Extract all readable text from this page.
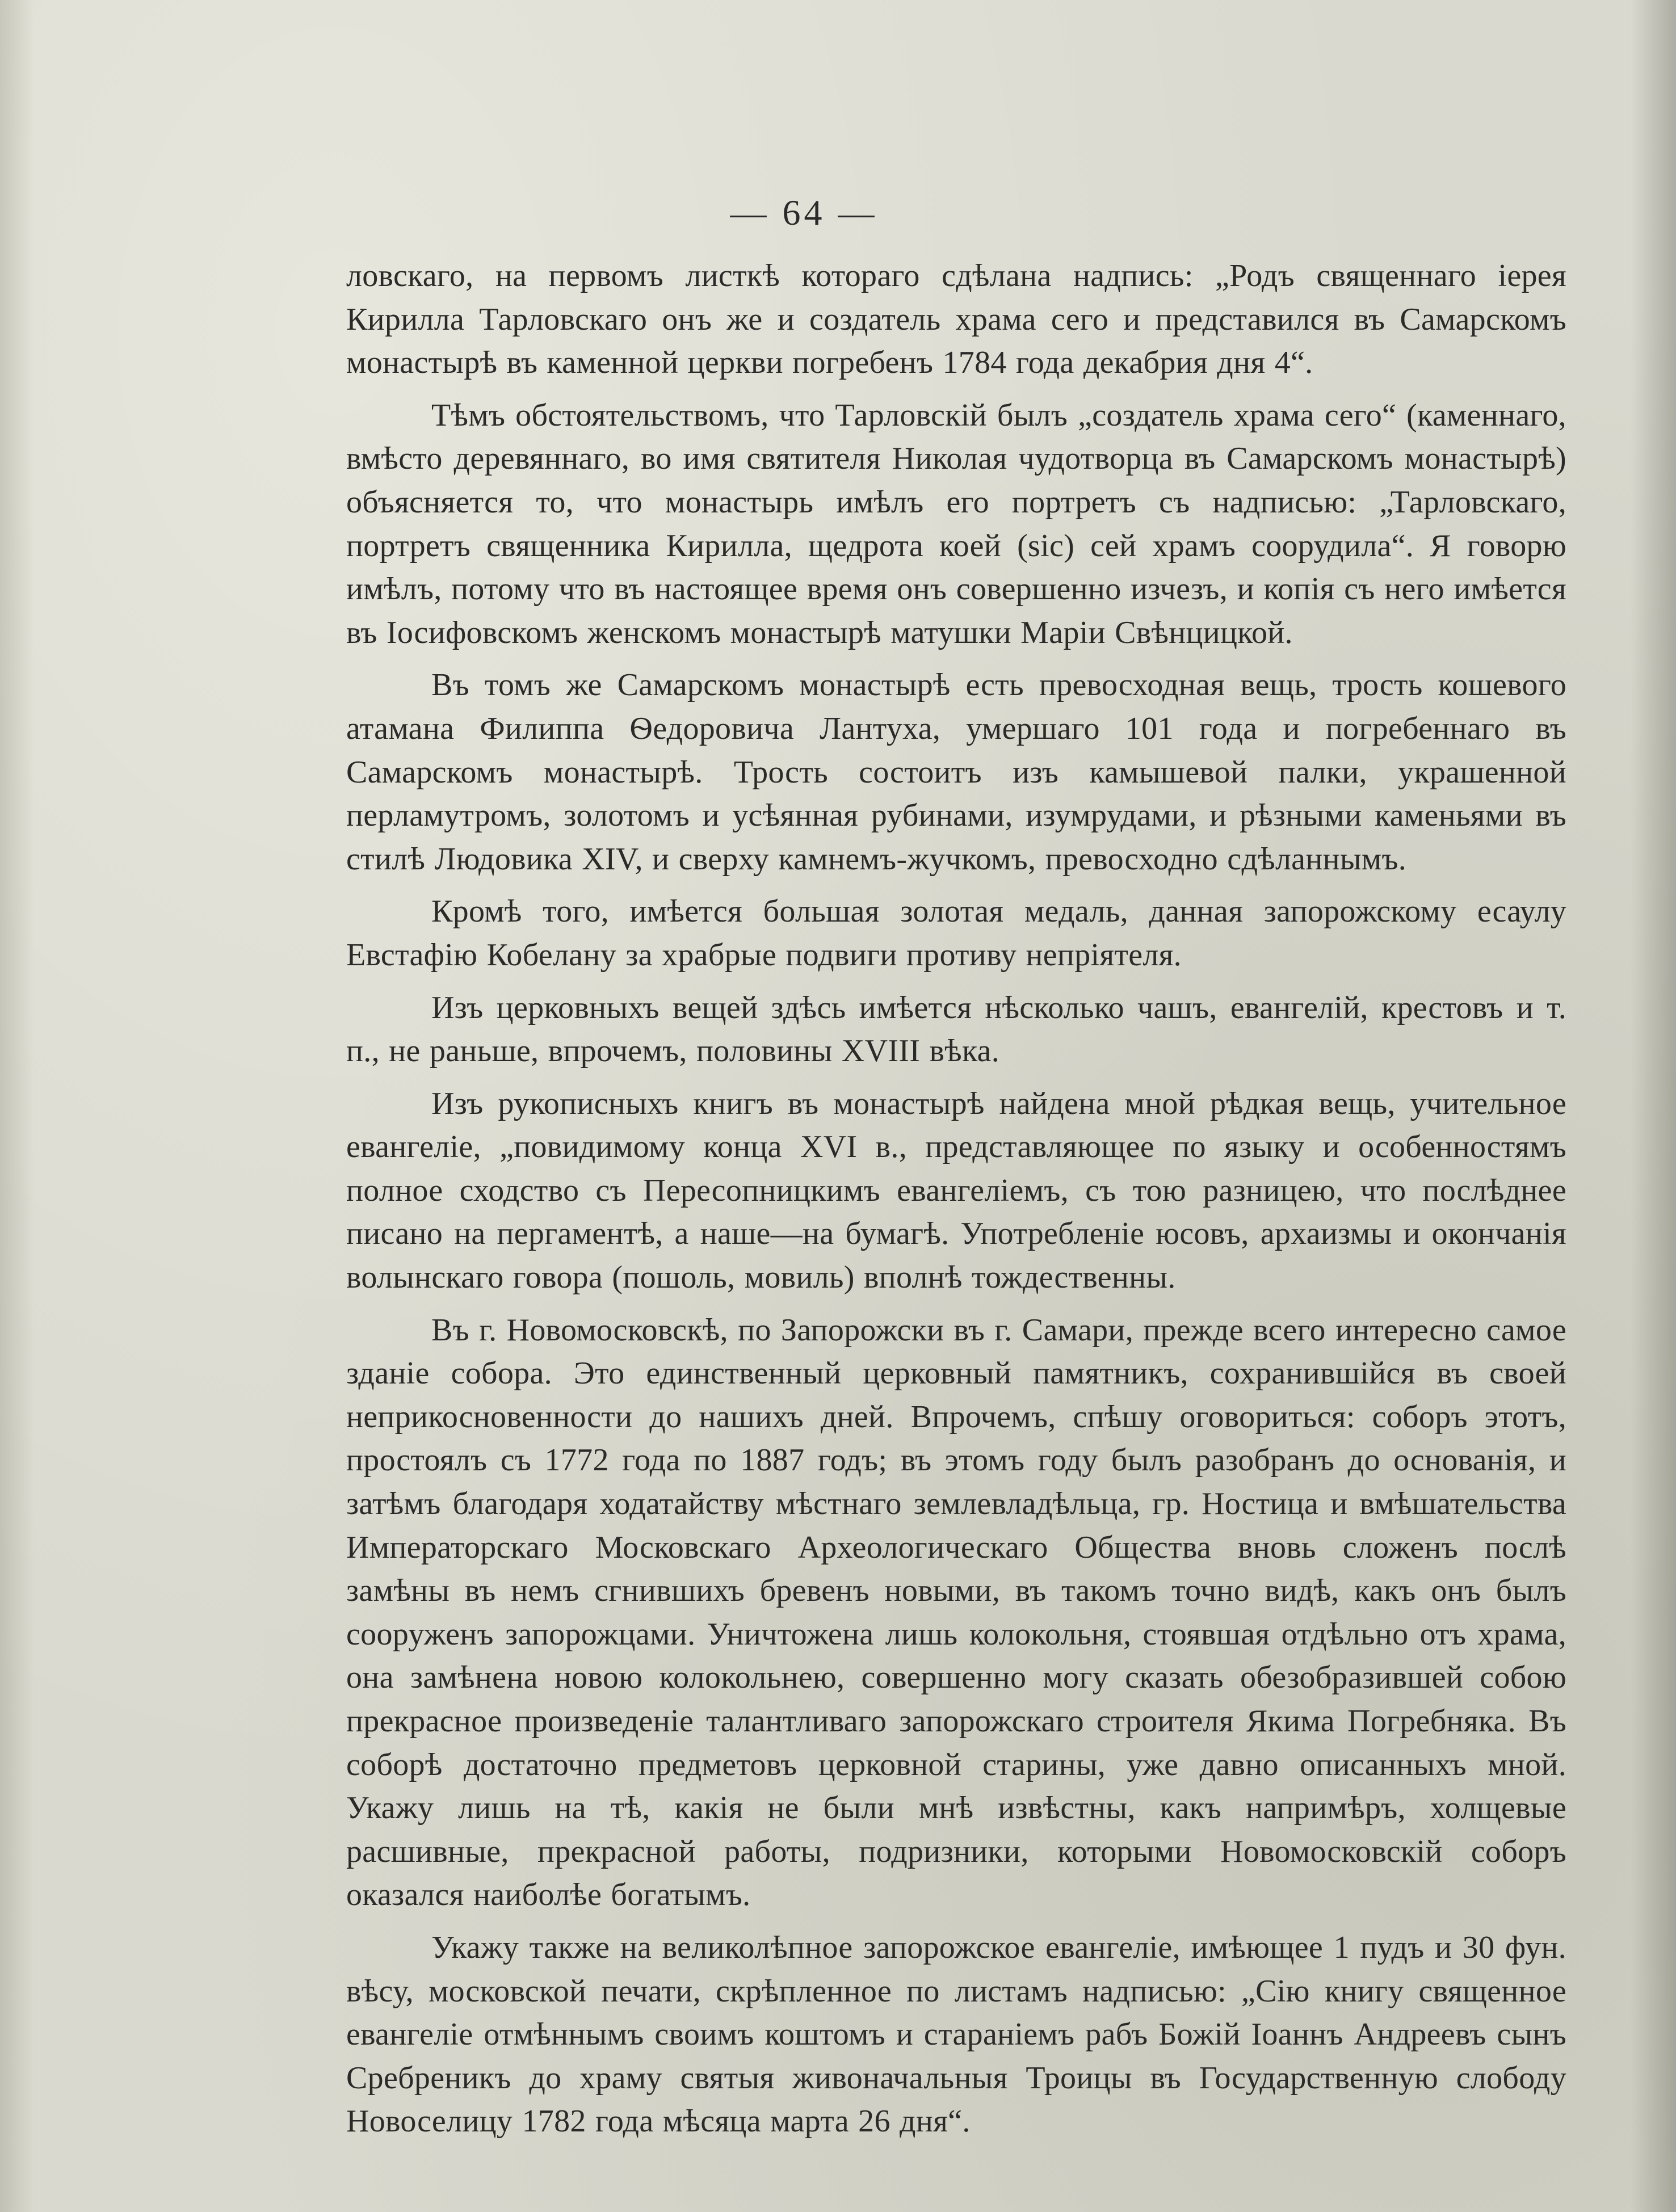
— 64 —

ловскаго, на первомъ листкѣ котораго сдѣлана надпись: „Родъ священнаго іерея Кирилла Тарловскаго онъ же и создатель храма сего и представился въ Самарскомъ монастырѣ въ каменной церкви погребенъ 1784 года декабрия дня 4“.

Тѣмъ обстоятельствомъ, что Тарловскій былъ „создатель храма сего“ (каменнаго, вмѣсто деревяннаго, во имя святителя Николая чудотворца въ Самарскомъ монастырѣ) объясняется то, что монастырь имѣлъ его портретъ съ надписью: „Тарловскаго, портретъ священника Кирилла, щедрота коей (sic) сей храмъ соорудила“. Я говорю имѣлъ, потому что въ настоящее время онъ совершенно изчезъ, и копія съ него имѣется въ Іосифовскомъ женскомъ монастырѣ матушки Маріи Свѣнцицкой.

Въ томъ же Самарскомъ монастырѣ есть превосходная вещь, трость кошевого атамана Филиппа Ѳедоровича Лантуха, умершаго 101 года и погребеннаго въ Самарскомъ монастырѣ. Трость состоитъ изъ камышевой палки, украшенной перламутромъ, золотомъ и усѣянная рубинами, изумрудами, и рѣзными каменьями въ стилѣ Людовика XIV, и сверху камнемъ-жучкомъ, превосходно сдѣланнымъ.

Кромѣ того, имѣется большая золотая медаль, данная запорожскому есаулу Евстафію Кобелану за храбрые подвиги противу непріятеля.

Изъ церковныхъ вещей здѣсь имѣется нѣсколько чашъ, евангелій, крестовъ и т. п., не раньше, впрочемъ, половины XVIII вѣка.

Изъ рукописныхъ книгъ въ монастырѣ найдена мной рѣдкая вещь, учительное евангеліе, „повидимому конца XVI в., представляющее по языку и особенностямъ полное сходство съ Пересопницкимъ евангеліемъ, съ тою разницею, что послѣднее писано на пергаментѣ, а наше—на бумагѣ. Употребленіе юсовъ, архаизмы и окончанія волынскаго говора (пошоль, мовиль) вполнѣ тождественны.

Въ г. Новомосковскѣ, по Запорожски въ г. Самари, прежде всего интересно самое зданіе собора. Это единственный церковный памятникъ, сохранившійся въ своей неприкосновенности до нашихъ дней. Впрочемъ, спѣшу оговориться: соборъ этотъ, простоялъ съ 1772 года по 1887 годъ; въ этомъ году былъ разобранъ до основанія, и затѣмъ благодаря ходатайству мѣстнаго землевладѣльца, гр. Ностица и вмѣшательства Императорскаго Московскаго Археологическаго Общества вновь сложенъ послѣ замѣны въ немъ сгнившихъ бревенъ новыми, въ такомъ точно видѣ, какъ онъ былъ сооруженъ запорожцами. Уничтожена лишь колокольня, стоявшая отдѣльно отъ храма, она замѣнена новою колокольнею, совершенно могу сказать обезобразившей собою прекрасное произведеніе талантливаго запорожскаго строителя Якима Погребняка. Въ соборѣ достаточно предметовъ церковной старины, уже давно описанныхъ мной. Укажу лишь на тѣ, какія не были мнѣ извѣстны, какъ напримѣръ, холщевые расшивные, прекрасной работы, подризники, которыми Новомосковскій соборъ оказался наиболѣе богатымъ.

Укажу также на великолѣпное запорожское евангеліе, имѣющее 1 пудъ и 30 фун. вѣсу, московской печати, скрѣпленное по листамъ надписью: „Сію книгу священное евангеліе отмѣннымъ своимъ коштомъ и стараніемъ рабъ Божій Іоаннъ Андреевъ сынъ Сребреникъ до храму святыя живоначальныя Троицы въ Государственную слободу Новоселицу 1782 года мѣсяца марта 26 дня“.
